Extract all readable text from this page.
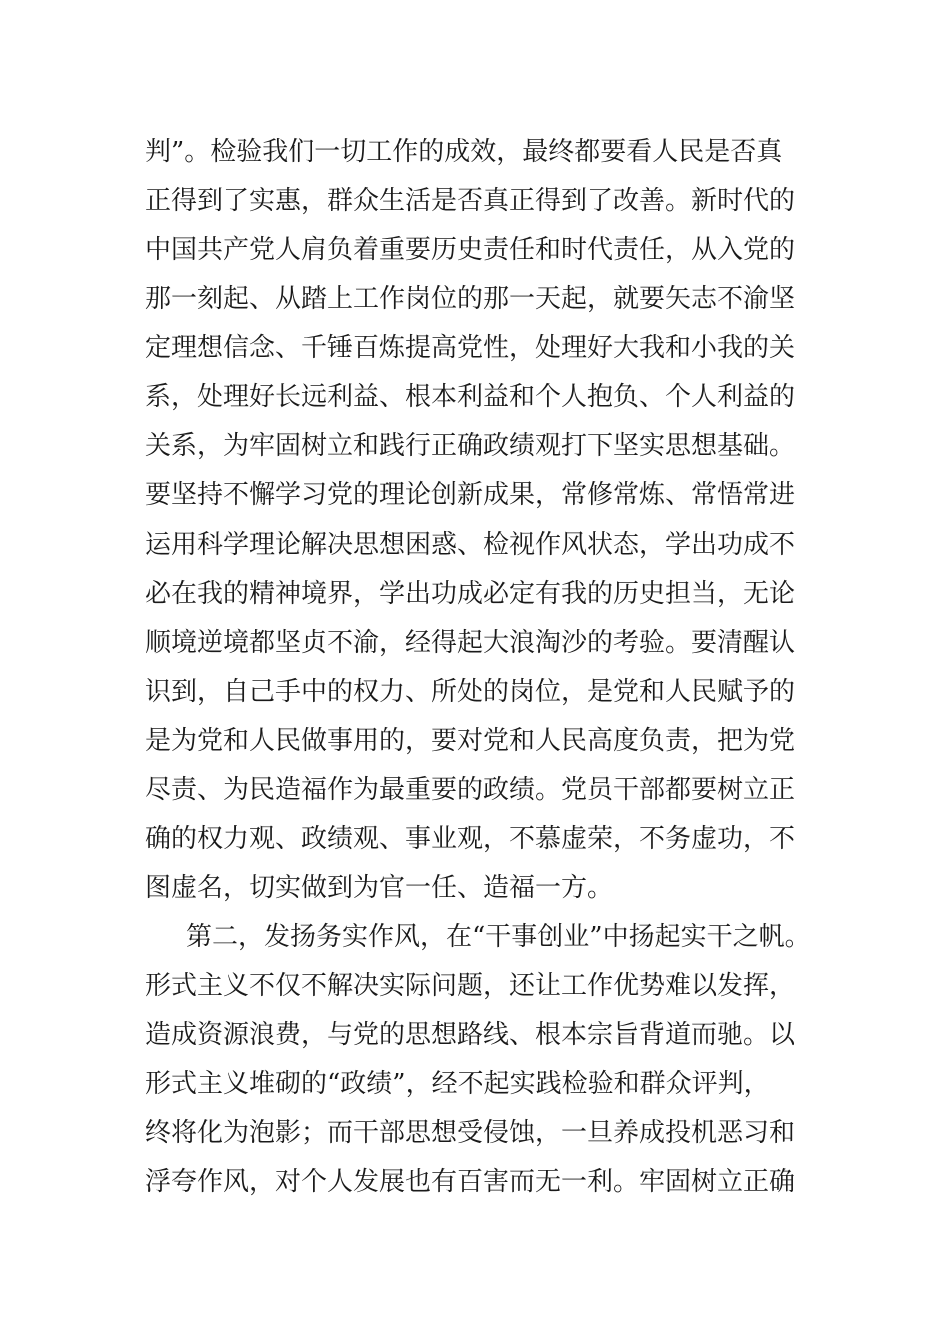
判”。检验我们一切工作的成效，最终都要看人民是否真
正得到了实惠，群众生活是否真正得到了改善。新时代的
中国共产党人肩负着重要历史责任和时代责任，从入党的
那一刻起、从踏上工作岗位的那一天起，就要矢志不渝坚
定理想信念、千锤百炼提高党性，处理好大我和小我的关
系，处理好长远利益、根本利益和个人抱负、个人利益的
关系，为牢固树立和践行正确政绩观打下坚实思想基础。
要坚持不懈学习党的理论创新成果，常修常炼、常悟常进
运用科学理论解决思想困惑、检视作风状态，学出功成不
必在我的精神境界，学出功成必定有我的历史担当，无论
顺境逆境都坚贞不渝，经得起大浪淘沙的考验。要清醒认
识到，自己手中的权力、所处的岗位，是党和人民赋予的
是为党和人民做事用的，要对党和人民高度负责，把为党
尽责、为民造福作为最重要的政绩。党员干部都要树立正
确的权力观、政绩观、事业观，不慕虚荣，不务虚功，不
图虚名，切实做到为官一任、造福一方。
第二，发扬务实作风，在“干事创业”中扬起实干之帆。
形式主义不仅不解决实际问题，还让工作优势难以发挥，
造成资源浪费，与党的思想路线、根本宗旨背道而驰。以
形式主义堆砌的“政绩”，经不起实践检验和群众评判，
终将化为泡影；而干部思想受侵蚀，一旦养成投机恶习和
浮夸作风，对个人发展也有百害而无一利。牢固树立正确
